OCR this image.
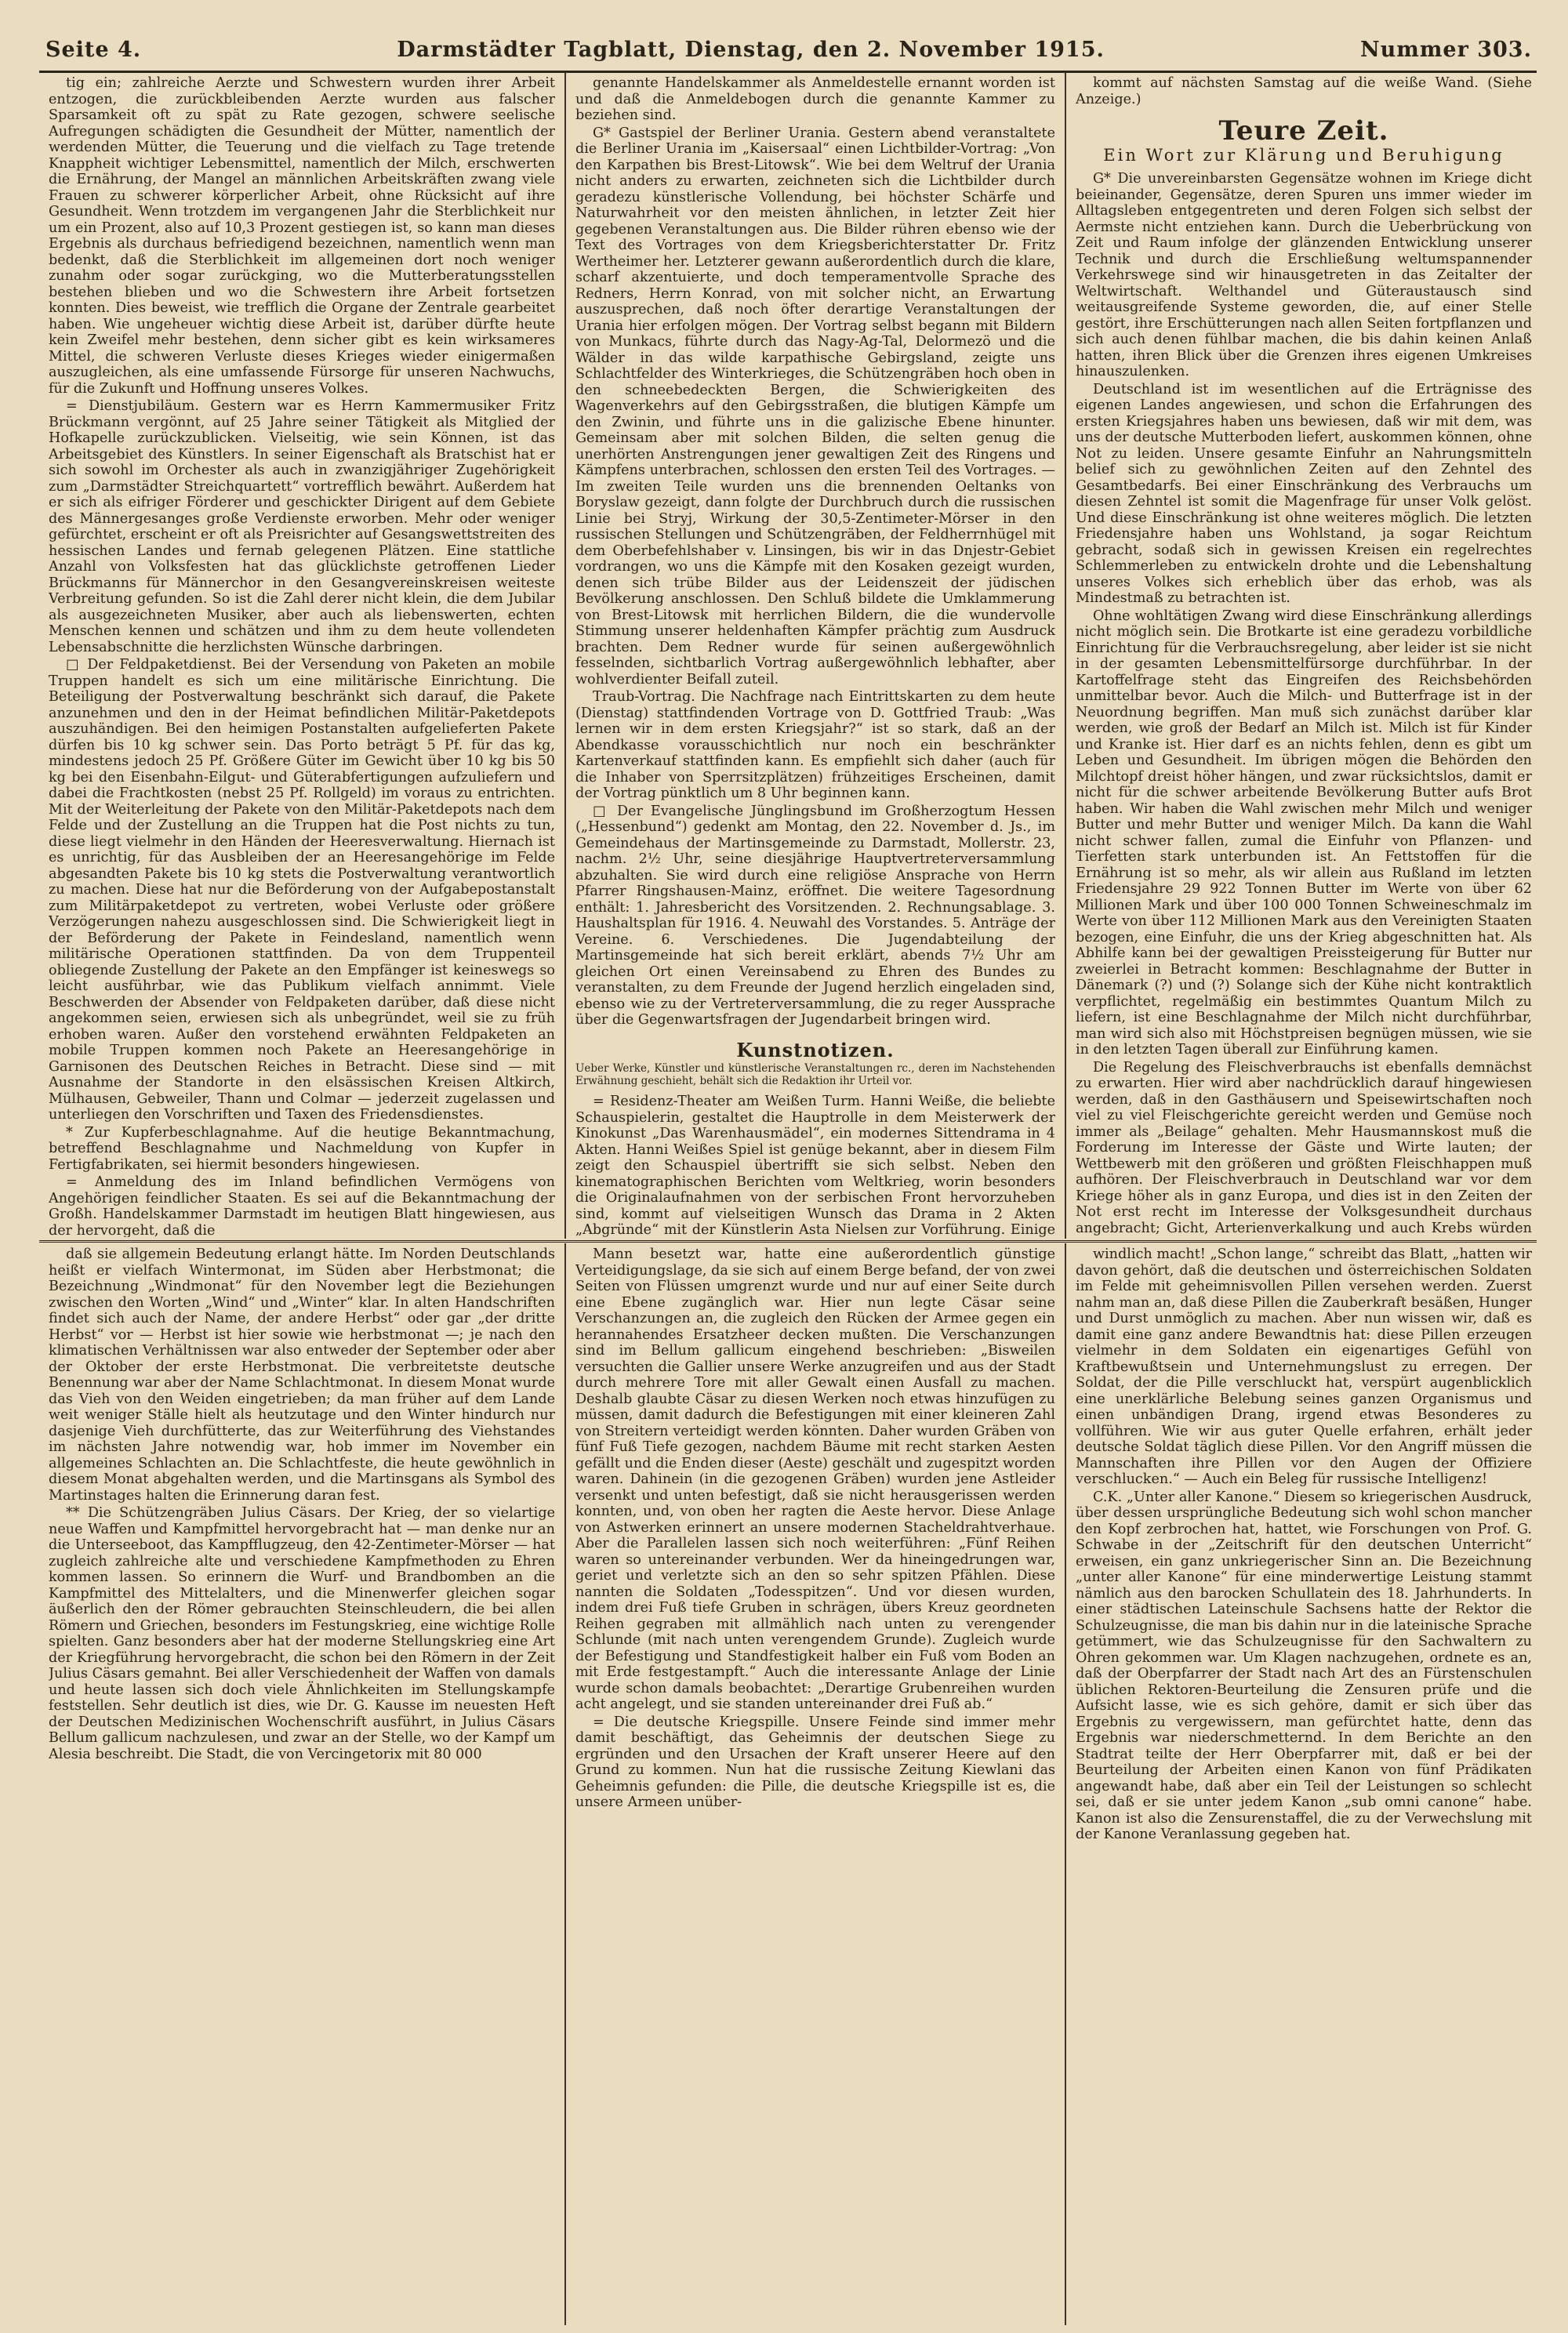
Seite 4.	Darmstädter Tagblatt, Dienstag, den 2. November 1915.	Nummer 303.

tig ein; zahlreiche Aerzte und Schwestern wurden ihrer Arbeit entzogen, die zurückbleibenden Aerzte wurden aus falscher Sparsamkeit oft zu spät zu Rate gezogen, schwere seelische Aufregungen schädigten die Gesundheit der Mütter, namentlich der werdenden Mütter, die Teuerung und die vielfach zu Tage tretende Knappheit wichtiger Lebensmittel, namentlich der Milch, erschwerten die Ernährung, der Mangel an männlichen Arbeitskräften zwang viele Frauen zu schwerer körperlicher Arbeit, ohne Rücksicht auf ihre Gesundheit. Wenn trotzdem im vergangenen Jahr die Sterblichkeit nur um ein Prozent, also auf 10,3 Prozent gestiegen ist, so kann man dieses Ergebnis als durchaus befriedigend bezeichnen, namentlich wenn man bedenkt, daß die Sterblichkeit im allgemeinen dort noch weniger zunahm oder sogar zurückging, wo die Mutterberatungsstellen bestehen blieben und wo die Schwestern ihre Arbeit fortsetzen konnten. Dies beweist, wie trefflich die Organe der Zentrale gearbeitet haben. Wie ungeheuer wichtig diese Arbeit ist, darüber dürfte heute kein Zweifel mehr bestehen, denn sicher gibt es kein wirksameres Mittel, die schweren Verluste dieses Krieges wieder einigermaßen auszugleichen, als eine umfassende Fürsorge für unseren Nachwuchs, für die Zukunft und Hoffnung unseres Volkes.

= Dienstjubiläum. Gestern war es Herrn Kammermusiker Fritz Brückmann vergönnt, auf 25 Jahre seiner Tätigkeit als Mitglied der Hofkapelle zurückzublicken. Vielseitig, wie sein Können, ist das Arbeitsgebiet des Künstlers. In seiner Eigenschaft als Bratschist hat er sich sowohl im Orchester als auch in zwanzigjähriger Zugehörigkeit zum „Darmstädter Streichquartett“ vortrefflich bewährt. Außerdem hat er sich als eifriger Förderer und geschickter Dirigent auf dem Gebiete des Männergesanges große Verdienste erworben. Mehr oder weniger gefürchtet, erscheint er oft als Preisrichter auf Gesangswettstreiten des hessischen Landes und fernab gelegenen Plätzen. Eine stattliche Anzahl von Volksfesten hat das glücklichste getroffenen Lieder Brückmanns für Männerchor in den Gesangvereinskreisen weiteste Verbreitung gefunden. So ist die Zahl derer nicht klein, die dem Jubilar als ausgezeichneten Musiker, aber auch als liebenswerten, echten Menschen kennen und schätzen und ihm zu dem heute vollendeten Lebensabschnitte die herzlichsten Wünsche darbringen.

□ Der Feldpaketdienst. Bei der Versendung von Paketen an mobile Truppen handelt es sich um eine militärische Einrichtung. Die Beteiligung der Postverwaltung beschränkt sich darauf, die Pakete anzunehmen und den in der Heimat befindlichen Militär-Paketdepots auszuhändigen. Bei den heimigen Postanstalten aufgelieferten Pakete dürfen bis 10 kg schwer sein. Das Porto beträgt 5 Pf. für das kg, mindestens jedoch 25 Pf. Größere Güter im Gewicht über 10 kg bis 50 kg bei den Eisenbahn-Eilgut- und Güterabfertigungen aufzuliefern und dabei die Frachtkosten (nebst 25 Pf. Rollgeld) im voraus zu entrichten. Mit der Weiterleitung der Pakete von den Militär-Paketdepots nach dem Felde und der Zustellung an die Truppen hat die Post nichts zu tun, diese liegt vielmehr in den Händen der Heeresverwaltung. Hiernach ist es unrichtig, für das Ausbleiben der an Heeresangehörige im Felde abgesandten Pakete bis 10 kg stets die Postverwaltung verantwortlich zu machen. Diese hat nur die Beförderung von der Aufgabepostanstalt zum Militärpaketdepot zu vertreten, wobei Verluste oder größere Verzögerungen nahezu ausgeschlossen sind. Die Schwierigkeit liegt in der Beförderung der Pakete in Feindesland, namentlich wenn militärische Operationen stattfinden. Da von dem Truppenteil obliegende Zustellung der Pakete an den Empfänger ist keineswegs so leicht ausführbar, wie das Publikum vielfach annimmt. Viele Beschwerden der Absender von Feldpaketen darüber, daß diese nicht angekommen seien, erwiesen sich als unbegründet, weil sie zu früh erhoben waren. Außer den vorstehend erwähnten Feldpaketen an mobile Truppen kommen noch Pakete an Heeresangehörige in Garnisonen des Deutschen Reiches in Betracht. Diese sind — mit Ausnahme der Standorte in den elsässischen Kreisen Altkirch, Mülhausen, Gebweiler, Thann und Colmar — jederzeit zugelassen und unterliegen den Vorschriften und Taxen des Friedensdienstes.

* Zur Kupferbeschlagnahme. Auf die heutige Bekanntmachung, betreffend Beschlagnahme und Nachmeldung von Kupfer in Fertigfabrikaten, sei hiermit besonders hingewiesen.

= Anmeldung des im Inland befindlichen Vermögens von Angehörigen feindlicher Staaten. Es sei auf die Bekanntmachung der Großh. Handelskammer Darmstadt im heutigen Blatt hingewiesen, aus der hervorgeht, daß die

genannte Handelskammer als Anmeldestelle ernannt worden ist und daß die Anmeldebogen durch die genannte Kammer zu beziehen sind.

G* Gastspiel der Berliner Urania. Gestern abend veranstaltete die Berliner Urania im „Kaisersaal“ einen Lichtbilder-Vortrag: „Von den Karpathen bis Brest-Litowsk“. Wie bei dem Weltruf der Urania nicht anders zu erwarten, zeichneten sich die Lichtbilder durch geradezu künstlerische Vollendung, bei höchster Schärfe und Naturwahrheit vor den meisten ähnlichen, in letzter Zeit hier gegebenen Veranstaltungen aus. Die Bilder rühren ebenso wie der Text des Vortrages von dem Kriegsberichterstatter Dr. Fritz Wertheimer her. Letzterer gewann außerordentlich durch die klare, scharf akzentuierte, und doch temperamentvolle Sprache des Redners, Herrn Konrad, von mit solcher nicht, an Erwartung auszusprechen, daß noch öfter derartige Veranstaltungen der Urania hier erfolgen mögen. Der Vortrag selbst begann mit Bildern von Munkacs, führte durch das Nagy-Ag-Tal, Delormezö und die Wälder in das wilde karpathische Gebirgsland, zeigte uns Schlachtfelder des Winterkrieges, die Schützengräben hoch oben in den schneebedeckten Bergen, die Schwierigkeiten des Wagenverkehrs auf den Gebirgsstraßen, die blutigen Kämpfe um den Zwinin, und führte uns in die galizische Ebene hinunter. Gemeinsam aber mit solchen Bilden, die selten genug die unerhörten Anstrengungen jener gewaltigen Zeit des Ringens und Kämpfens unterbrachen, schlossen den ersten Teil des Vortrages. — Im zweiten Teile wurden uns die brennenden Oeltanks von Boryslaw gezeigt, dann folgte der Durchbruch durch die russischen Linie bei Stryj, Wirkung der 30,5-Zentimeter-Mörser in den russischen Stellungen und Schützengräben, der Feldherrnhügel mit dem Oberbefehlshaber v. Linsingen, bis wir in das Dnjestr-Gebiet vordrangen, wo uns die Kämpfe mit den Kosaken gezeigt wurden, denen sich trübe Bilder aus der Leidenszeit der jüdischen Bevölkerung anschlossen. Den Schluß bildete die Umklammerung von Brest-Litowsk mit herrlichen Bildern, die die wundervolle Stimmung unserer heldenhaften Kämpfer prächtig zum Ausdruck brachten. Dem Redner wurde für seinen außergewöhnlich fesselnden, sichtbarlich Vortrag außergewöhnlich lebhafter, aber wohlverdienter Beifall zuteil.

Traub-Vortrag. Die Nachfrage nach Eintrittskarten zu dem heute (Dienstag) stattfindenden Vortrage von D. Gottfried Traub: „Was lernen wir in dem ersten Kriegsjahr?“ ist so stark, daß an der Abendkasse vorausschichtlich nur noch ein beschränkter Kartenverkauf stattfinden kann. Es empfiehlt sich daher (auch für die Inhaber von Sperrsitzplätzen) frühzeitiges Erscheinen, damit der Vortrag pünktlich um 8 Uhr beginnen kann.

□ Der Evangelische Jünglingsbund im Großherzogtum Hessen („Hessenbund“) gedenkt am Montag, den 22. November d. Js., im Gemeindehaus der Martinsgemeinde zu Darmstadt, Mollerstr. 23, nachm. 2½ Uhr, seine diesjährige Hauptvertreterversammlung abzuhalten. Sie wird durch eine religiöse Ansprache von Herrn Pfarrer Ringshausen-Mainz, eröffnet. Die weitere Tagesordnung enthält: 1. Jahresbericht des Vorsitzenden. 2. Rechnungsablage. 3. Haushaltsplan für 1916. 4. Neuwahl des Vorstandes. 5. Anträge der Vereine. 6. Verschiedenes. Die Jugendabteilung der Martinsgemeinde hat sich bereit erklärt, abends 7½ Uhr am gleichen Ort einen Vereinsabend zu Ehren des Bundes zu veranstalten, zu dem Freunde der Jugend herzlich eingeladen sind, ebenso wie zu der Vertreterversammlung, die zu reger Aussprache über die Gegenwartsfragen der Jugendarbeit bringen wird.

Kunstnotizen.

Ueber Werke, Künstler und künstlerische Veranstaltungen rc., deren im Nachstehenden Erwähnung geschieht, behält sich die Redaktion ihr Urteil vor.

= Residenz-Theater am Weißen Turm. Hanni Weiße, die beliebte Schauspielerin, gestaltet die Hauptrolle in dem Meisterwerk der Kinokunst „Das Warenhausmädel“, ein modernes Sittendrama in 4 Akten. Hanni Weißes Spiel ist genüge bekannt, aber in diesem Film zeigt den Schauspiel übertrifft sie sich selbst. Neben den kinematographischen Berichten vom Weltkrieg, worin besonders die Originalaufnahmen von der serbischen Front hervorzuheben sind, kommt auf vielseitigen Wunsch das Drama in 2 Akten „Abgründe“ mit der Künstlerin Asta Nielsen zur Vorführung. Einige

kommt auf nächsten Samstag auf die weiße Wand. (Siehe Anzeige.)

Teure Zeit.

Ein Wort zur Klärung und Beruhigung

G* Die unvereinbarsten Gegensätze wohnen im Kriege dicht beieinander, Gegensätze, deren Spuren uns immer wieder im Alltagsleben entgegentreten und deren Folgen sich selbst der Aermste nicht entziehen kann. Durch die Ueberbrückung von Zeit und Raum infolge der glänzenden Entwicklung unserer Technik und durch die Erschließung weltumspannender Verkehrswege sind wir hinausgetreten in das Zeitalter der Weltwirtschaft. Welthandel und Güteraustausch sind weitausgreifende Systeme geworden, die, auf einer Stelle gestört, ihre Erschütterungen nach allen Seiten fortpflanzen und sich auch denen fühlbar machen, die bis dahin keinen Anlaß hatten, ihren Blick über die Grenzen ihres eigenen Umkreises hinauszulenken.

Deutschland ist im wesentlichen auf die Erträgnisse des eigenen Landes angewiesen, und schon die Erfahrungen des ersten Kriegsjahres haben uns bewiesen, daß wir mit dem, was uns der deutsche Mutterboden liefert, auskommen können, ohne Not zu leiden. Unsere gesamte Einfuhr an Nahrungsmitteln belief sich zu gewöhnlichen Zeiten auf den Zehntel des Gesamtbedarfs. Bei einer Einschränkung des Verbrauchs um diesen Zehntel ist somit die Magenfrage für unser Volk gelöst. Und diese Einschränkung ist ohne weiteres möglich. Die letzten Friedensjahre haben uns Wohlstand, ja sogar Reichtum gebracht, sodaß sich in gewissen Kreisen ein regelrechtes Schlemmerleben zu entwickeln drohte und die Lebenshaltung unseres Volkes sich erheblich über das erhob, was als Mindestmaß zu betrachten ist.

Ohne wohltätigen Zwang wird diese Einschränkung allerdings nicht möglich sein. Die Brotkarte ist eine geradezu vorbildliche Einrichtung für die Verbrauchsregelung, aber leider ist sie nicht in der gesamten Lebensmittelfürsorge durchführbar. In der Kartoffelfrage steht das Eingreifen des Reichsbehörden unmittelbar bevor. Auch die Milch- und Butterfrage ist in der Neuordnung begriffen. Man muß sich zunächst darüber klar werden, wie groß der Bedarf an Milch ist. Milch ist für Kinder und Kranke ist. Hier darf es an nichts fehlen, denn es gibt um Leben und Gesundheit. Im übrigen mögen die Behörden den Milchtopf dreist höher hängen, und zwar rücksichtslos, damit er nicht für die schwer arbeitende Bevölkerung Butter aufs Brot haben. Wir haben die Wahl zwischen mehr Milch und weniger Butter und mehr Butter und weniger Milch. Da kann die Wahl nicht schwer fallen, zumal die Einfuhr von Pflanzen- und Tierfetten stark unterbunden ist. An Fettstoffen für die Ernährung ist so mehr, als wir allein aus Rußland im letzten Friedensjahre 29 922 Tonnen Butter im Werte von über 62 Millionen Mark und über 100 000 Tonnen Schweineschmalz im Werte von über 112 Millionen Mark aus den Vereinigten Staaten bezogen, eine Einfuhr, die uns der Krieg abgeschnitten hat. Als Abhilfe kann bei der gewaltigen Preissteigerung für Butter nur zweierlei in Betracht kommen: Beschlagnahme der Butter in Dänemark (?) und (?) Solange sich der Kühe nicht kontraktlich verpflichtet, regelmäßig ein bestimmtes Quantum Milch zu liefern, ist eine Beschlagnahme der Milch nicht durchführbar, man wird sich also mit Höchstpreisen begnügen müssen, wie sie in den letzten Tagen überall zur Einführung kamen.

Die Regelung des Fleischverbrauchs ist ebenfalls demnächst zu erwarten. Hier wird aber nachdrücklich darauf hingewiesen werden, daß in den Gasthäusern und Speisewirtschaften noch viel zu viel Fleischgerichte gereicht werden und Gemüse noch immer als „Beilage“ gehalten. Mehr Hausmannskost muß die Forderung im Interesse der Gäste und Wirte lauten; der Wettbewerb mit den größeren und größten Fleischhappen muß aufhören. Der Fleischverbrauch in Deutschland war vor dem Kriege höher als in ganz Europa, und dies ist in den Zeiten der Not erst recht im Interesse der Volksgesundheit durchaus angebracht; Gicht, Arterienverkalkung und auch Krebs würden

daß sie allgemein Bedeutung erlangt hätte. Im Norden Deutschlands heißt er vielfach Wintermonat, im Süden aber Herbstmonat; die Bezeichnung „Windmonat“ für den November legt die Beziehungen zwischen den Worten „Wind“ und „Winter“ klar. In alten Handschriften findet sich auch der Name, der andere Herbst“ oder gar „der dritte Herbst“ vor — Herbst ist hier sowie wie herbstmonat —; je nach den klimatischen Verhältnissen war also entweder der September oder aber der Oktober der erste Herbstmonat. Die verbreitetste deutsche Benennung war aber der Name Schlachtmonat. In diesem Monat wurde das Vieh von den Weiden eingetrieben; da man früher auf dem Lande weit weniger Ställe hielt als heutzutage und den Winter hindurch nur dasjenige Vieh durchfütterte, das zur Weiterführung des Viehstandes im nächsten Jahre notwendig war, hob immer im November ein allgemeines Schlachten an. Die Schlachtfeste, die heute gewöhnlich in diesem Monat abgehalten werden, und die Martinsgans als Symbol des Martinstages halten die Erinnerung daran fest.

** Die Schützengräben Julius Cäsars. Der Krieg, der so vielartige neue Waffen und Kampfmittel hervorgebracht hat — man denke nur an die Unterseeboot, das Kampfflugzeug, den 42-Zentimeter-Mörser — hat zugleich zahlreiche alte und verschiedene Kampfmethoden zu Ehren kommen lassen. So erinnern die Wurf- und Brandbomben an die Kampfmittel des Mittelalters, und die Minenwerfer gleichen sogar äußerlich den der Römer gebrauchten Steinschleudern, die bei allen Römern und Griechen, besonders im Festungskrieg, eine wichtige Rolle spielten. Ganz besonders aber hat der moderne Stellungskrieg eine Art der Kriegführung hervorgebracht, die schon bei den Römern in der Zeit Julius Cäsars gemahnt. Bei aller Verschiedenheit der Waffen von damals und heute lassen sich doch viele Ähnlichkeiten im Stellungskampfe feststellen. Sehr deutlich ist dies, wie Dr. G. Kausse im neuesten Heft der Deutschen Medizinischen Wochenschrift ausführt, in Julius Cäsars Bellum gallicum nachzulesen, und zwar an der Stelle, wo der Kampf um Alesia beschreibt. Die Stadt, die von Vercingetorix mit 80 000

Mann besetzt war, hatte eine außerordentlich günstige Verteidigungslage, da sie sich auf einem Berge befand, der von zwei Seiten von Flüssen umgrenzt wurde und nur auf einer Seite durch eine Ebene zugänglich war. Hier nun legte Cäsar seine Verschanzungen an, die zugleich den Rücken der Armee gegen ein herannahendes Ersatzheer decken mußten. Die Verschanzungen sind im Bellum gallicum eingehend beschrieben: „Bisweilen versuchten die Gallier unsere Werke anzugreifen und aus der Stadt durch mehrere Tore mit aller Gewalt einen Ausfall zu machen. Deshalb glaubte Cäsar zu diesen Werken noch etwas hinzufügen zu müssen, damit dadurch die Befestigungen mit einer kleineren Zahl von Streitern verteidigt werden könnten. Daher wurden Gräben von fünf Fuß Tiefe gezogen, nachdem Bäume mit recht starken Aesten gefällt und die Enden dieser (Aeste) geschält und zugespitzt worden waren. Dahinein (in die gezogenen Gräben) wurden jene Astleider versenkt und unten befestigt, daß sie nicht herausgerissen werden konnten, und, von oben her ragten die Aeste hervor. Diese Anlage von Astwerken erinnert an unsere modernen Stacheldrahtverhaue. Aber die Parallelen lassen sich noch weiterführen: „Fünf Reihen waren so untereinander verbunden. Wer da hineingedrungen war, geriet und verletzte sich an den so sehr spitzen Pfählen. Diese nannten die Soldaten „Todesspitzen“. Und vor diesen wurden, indem drei Fuß tiefe Gruben in schrägen, übers Kreuz geordneten Reihen gegraben mit allmählich nach unten zu verengender Schlunde (mit nach unten verengendem Grunde). Zugleich wurde der Befestigung und Standfestigkeit halber ein Fuß vom Boden an mit Erde festgestampft.“ Auch die interessante Anlage der Linie wurde schon damals beobachtet: „Derartige Grubenreihen wurden acht angelegt, und sie standen untereinander drei Fuß ab.“

= Die deutsche Kriegspille. Unsere Feinde sind immer mehr damit beschäftigt, das Geheimnis der deutschen Siege zu ergründen und den Ursachen der Kraft unserer Heere auf den Grund zu kommen. Nun hat die russische Zeitung Kiewlani das Geheimnis gefunden: die Pille, die deutsche Kriegspille ist es, die unsere Armeen unüber-

windlich macht! „Schon lange,“ schreibt das Blatt, „hatten wir davon gehört, daß die deutschen und österreichischen Soldaten im Felde mit geheimnisvollen Pillen versehen werden. Zuerst nahm man an, daß diese Pillen die Zauberkraft besäßen, Hunger und Durst unmöglich zu machen. Aber nun wissen wir, daß es damit eine ganz andere Bewandtnis hat: diese Pillen erzeugen vielmehr in dem Soldaten ein eigenartiges Gefühl von Kraftbewußtsein und Unternehmungslust zu erregen. Der Soldat, der die Pille verschluckt hat, verspürt augenblicklich eine unerklärliche Belebung seines ganzen Organismus und einen unbändigen Drang, irgend etwas Besonderes zu vollführen. Wie wir aus guter Quelle erfahren, erhält jeder deutsche Soldat täglich diese Pillen. Vor den Angriff müssen die Mannschaften ihre Pillen vor den Augen der Offiziere verschlucken.“ — Auch ein Beleg für russische Intelligenz!

C.K. „Unter aller Kanone.“ Diesem so kriegerischen Ausdruck, über dessen ursprüngliche Bedeutung sich wohl schon mancher den Kopf zerbrochen hat, hattet, wie Forschungen von Prof. G. Schwabe in der „Zeitschrift für den deutschen Unterricht“ erweisen, ein ganz unkriegerischer Sinn an. Die Bezeichnung „unter aller Kanone“ für eine minderwertige Leistung stammt nämlich aus den barocken Schullatein des 18. Jahrhunderts. In einer städtischen Lateinschule Sachsens hatte der Rektor die Schulzeugnisse, die man bis dahin nur in die lateinische Sprache getümmert, wie das Schulzeugnisse für den Sachwaltern zu Ohren gekommen war. Um Klagen nachzugehen, ordnete es an, daß der Oberpfarrer der Stadt nach Art des an Fürstenschulen üblichen Rektoren-Beurteilung die Zensuren prüfe und die Aufsicht lasse, wie es sich gehöre, damit er sich über das Ergebnis zu vergewissern, man gefürchtet hatte, denn das Ergebnis war niederschmetternd. In dem Berichte an den Stadtrat teilte der Herr Oberpfarrer mit, daß er bei der Beurteilung der Arbeiten einen Kanon von fünf Prädikaten angewandt habe, daß aber ein Teil der Leistungen so schlecht sei, daß er sie unter jedem Kanon „sub omni canone“ habe. Kanon ist also die Zensurenstaffel, die zu der Verwechslung mit der Kanone Veranlassung gegeben hat.
